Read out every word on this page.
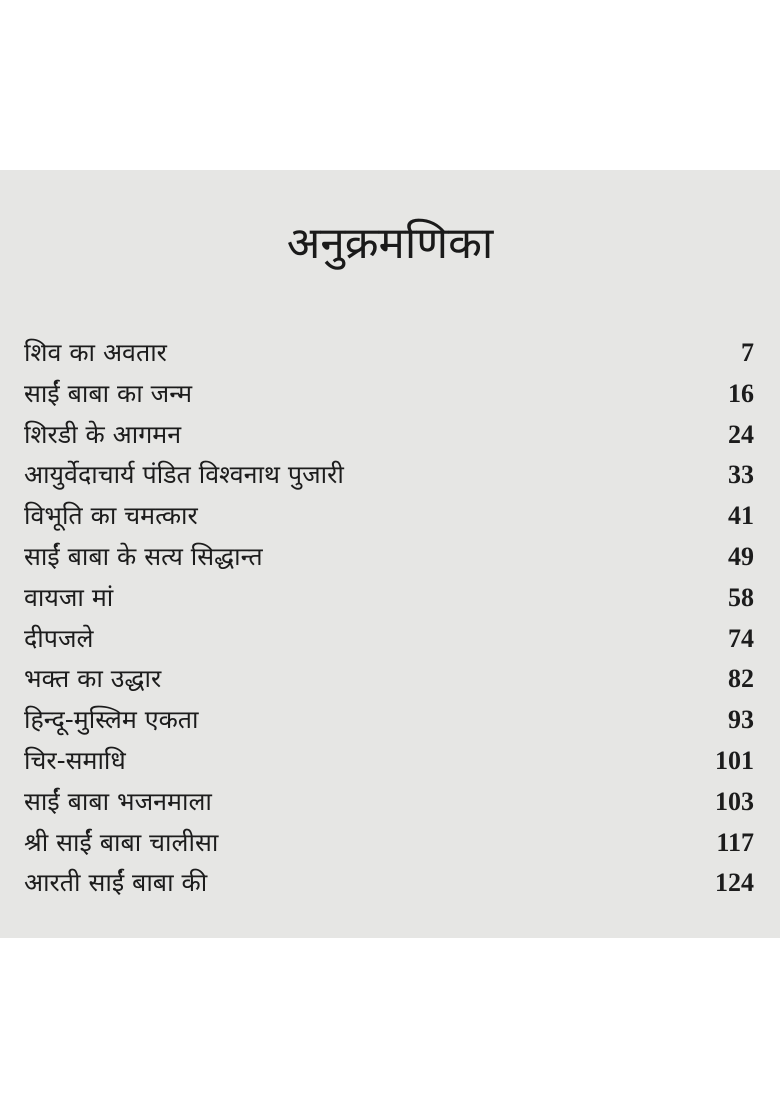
अनुक्रमणिका
शिव का अवतार	7
साईं बाबा का जन्म	16
शिरडी के आगमन	24
आयुर्वेदाचार्य पंडित विश्वनाथ पुजारी	33
विभूति का चमत्कार	41
साईं बाबा के सत्य सिद्धान्त	49
वायजा मां	58
दीपजले	74
भक्त का उद्धार	82
हिन्दू-मुस्लिम एकता	93
चिर-समाधि	101
साईं बाबा भजनमाला	103
श्री साईं बाबा चालीसा	117
आरती साईं बाबा की	124
